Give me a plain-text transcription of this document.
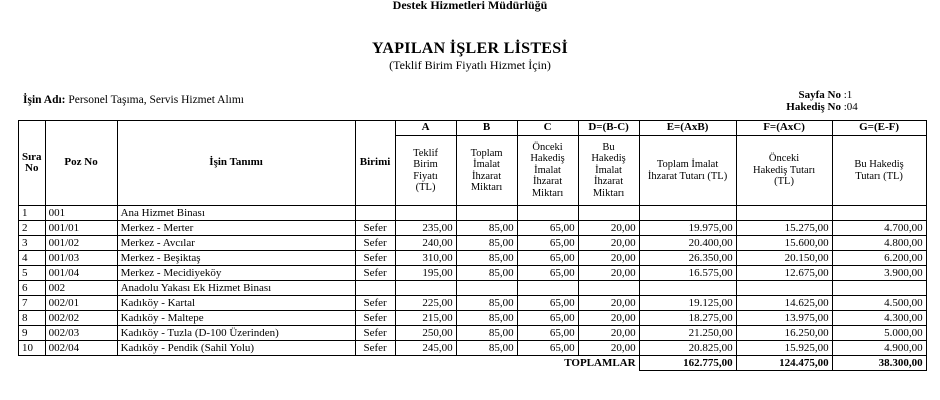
Destek Hizmetleri Müdürlüğü
YAPILAN İŞLER LİSTESİ
(Teklif Birim Fiyatlı Hizmet İçin)
İşin Adı: Personel Taşıma, Servis Hizmet Alımı	Sayfa No :1
Hakediş No :04
Sıra No	Poz No	İşin Tanımı	Birimi	A	B	C	D=(B-C)	E=(AxB)	F=(AxC)	G=(E-F)
				Teklif Birim Fiyatı (TL)	Toplam İmalat İhzarat Miktarı	Önceki Hakediş İmalat İhzarat Miktarı	Bu Hakediş İmalat İhzarat Miktarı	Toplam İmalat İhzarat Tutarı (TL)	Önceki Hakediş Tutarı (TL)	Bu Hakediş Tutarı (TL)
1	001	Ana Hizmet Binası								
2	001/01	Merkez - Merter	Sefer	235,00	85,00	65,00	20,00	19.975,00	15.275,00	4.700,00
3	001/02	Merkez - Avcılar	Sefer	240,00	85,00	65,00	20,00	20.400,00	15.600,00	4.800,00
4	001/03	Merkez - Beşiktaş	Sefer	310,00	85,00	65,00	20,00	26.350,00	20.150,00	6.200,00
5	001/04	Merkez - Mecidiyeköy	Sefer	195,00	85,00	65,00	20,00	16.575,00	12.675,00	3.900,00
6	002	Anadolu Yakası Ek Hizmet Binası								
7	002/01	Kadıköy - Kartal	Sefer	225,00	85,00	65,00	20,00	19.125,00	14.625,00	4.500,00
8	002/02	Kadıköy - Maltepe	Sefer	215,00	85,00	65,00	20,00	18.275,00	13.975,00	4.300,00
9	002/03	Kadıköy - Tuzla (D-100 Üzerinden)	Sefer	250,00	85,00	65,00	20,00	21.250,00	16.250,00	5.000,00
10	002/04	Kadıköy - Pendik (Sahil Yolu)	Sefer	245,00	85,00	65,00	20,00	20.825,00	15.925,00	4.900,00
TOPLAMLAR								162.775,00	124.475,00	38.300,00
